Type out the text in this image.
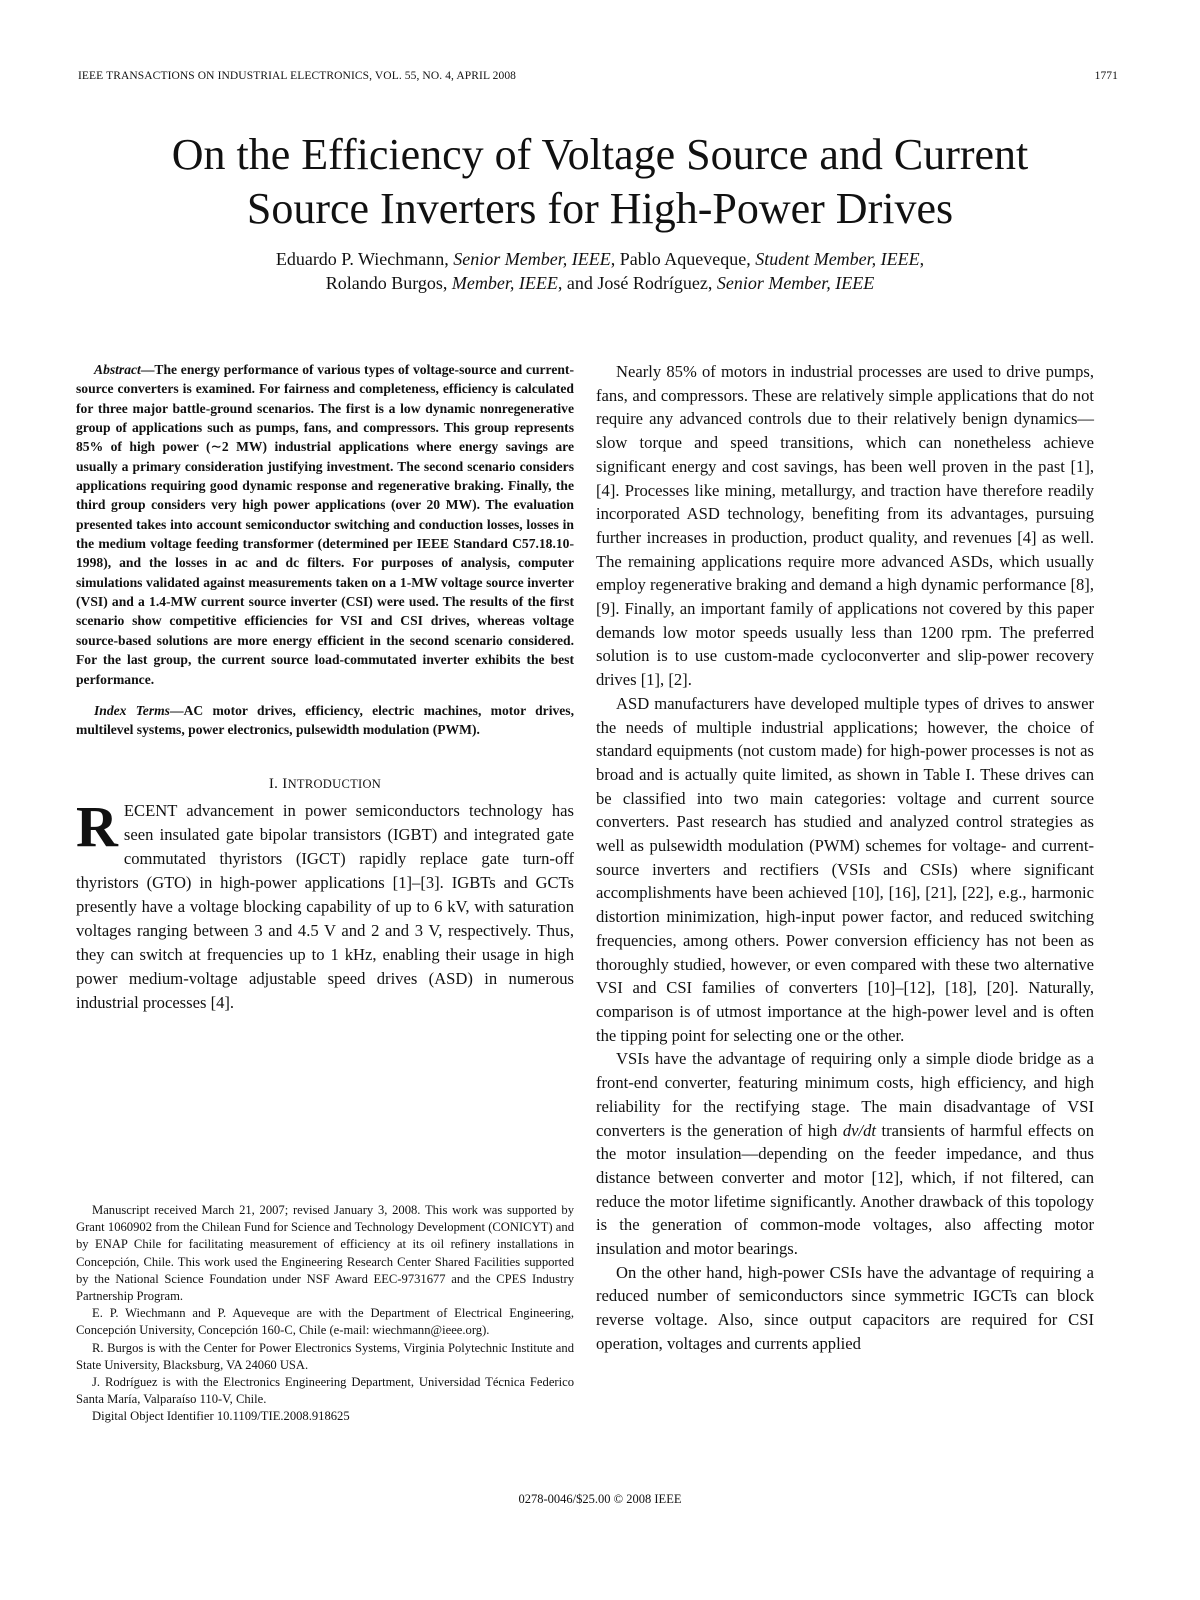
IEEE TRANSACTIONS ON INDUSTRIAL ELECTRONICS, VOL. 55, NO. 4, APRIL 2008	1771
On the Efficiency of Voltage Source and Current
Source Inverters for High-Power Drives
Eduardo P. Wiechmann, Senior Member, IEEE, Pablo Aqueveque, Student Member, IEEE,
Rolando Burgos, Member, IEEE, and José Rodríguez, Senior Member, IEEE

Abstract—The energy performance of various types of voltage-source and current-source converters is examined. For fairness and completeness, efficiency is calculated for three major battle-ground scenarios. The first is a low dynamic nonregenerative group of applications such as pumps, fans, and compressors. This group represents 85% of high power (∼2 MW) industrial applications where energy savings are usually a primary consideration justifying investment. The second scenario considers applications requiring good dynamic response and regenerative braking. Finally, the third group considers very high power applications (over 20 MW). The evaluation presented takes into account semiconductor switching and conduction losses, losses in the medium voltage feeding transformer (determined per IEEE Standard C57.18.10-1998), and the losses in ac and dc filters. For purposes of analysis, computer simulations validated against measurements taken on a 1-MW voltage source inverter (VSI) and a 1.4-MW current source inverter (CSI) were used. The results of the first scenario show competitive efficiencies for VSI and CSI drives, whereas voltage source-based solutions are more energy efficient in the second scenario considered. For the last group, the current source load-commutated inverter exhibits the best performance.

Index Terms—AC motor drives, efficiency, electric machines, motor drives, multilevel systems, power electronics, pulsewidth modulation (PWM).

I. INTRODUCTION

RECENT advancement in power semiconductors technology has seen insulated gate bipolar transistors (IGBT) and integrated gate commutated thyristors (IGCT) rapidly replace gate turn-off thyristors (GTO) in high-power applications [1]–[3]. IGBTs and GCTs presently have a voltage blocking capability of up to 6 kV, with saturation voltages ranging between 3 and 4.5 V and 2 and 3 V, respectively. Thus, they can switch at frequencies up to 1 kHz, enabling their usage in high power medium-voltage adjustable speed drives (ASD) in numerous industrial processes [4].

Manuscript received March 21, 2007; revised January 3, 2008. This work was supported by Grant 1060902 from the Chilean Fund for Science and Technology Development (CONICYT) and by ENAP Chile for facilitating measurement of efficiency at its oil refinery installations in Concepción, Chile. This work used the Engineering Research Center Shared Facilities supported by the National Science Foundation under NSF Award EEC-9731677 and the CPES Industry Partnership Program.

E. P. Wiechmann and P. Aqueveque are with the Department of Electrical Engineering, Concepción University, Concepción 160-C, Chile (e-mail: wiechmann@ieee.org).

R. Burgos is with the Center for Power Electronics Systems, Virginia Polytechnic Institute and State University, Blacksburg, VA 24060 USA.

J. Rodríguez is with the Electronics Engineering Department, Universidad Técnica Federico Santa María, Valparaíso 110-V, Chile.

Digital Object Identifier 10.1109/TIE.2008.918625

Nearly 85% of motors in industrial processes are used to drive pumps, fans, and compressors. These are relatively simple applications that do not require any advanced controls due to their relatively benign dynamics—slow torque and speed transitions, which can nonetheless achieve significant energy and cost savings, has been well proven in the past [1], [4]. Processes like mining, metallurgy, and traction have therefore readily incorporated ASD technology, benefiting from its advantages, pursuing further increases in production, product quality, and revenues [4] as well. The remaining applications require more advanced ASDs, which usually employ regenerative braking and demand a high dynamic performance [8], [9]. Finally, an important family of applications not covered by this paper demands low motor speeds usually less than 1200 rpm. The preferred solution is to use custom-made cycloconverter and slip-power recovery drives [1], [2].

ASD manufacturers have developed multiple types of drives to answer the needs of multiple industrial applications; however, the choice of standard equipments (not custom made) for high-power processes is not as broad and is actually quite limited, as shown in Table I. These drives can be classified into two main categories: voltage and current source converters. Past research has studied and analyzed control strategies as well as pulsewidth modulation (PWM) schemes for voltage- and current-source inverters and rectifiers (VSIs and CSIs) where significant accomplishments have been achieved [10], [16], [21], [22], e.g., harmonic distortion minimization, high-input power factor, and reduced switching frequencies, among others. Power conversion efficiency has not been as thoroughly studied, however, or even compared with these two alternative VSI and CSI families of converters [10]–[12], [18], [20]. Naturally, comparison is of utmost importance at the high-power level and is often the tipping point for selecting one or the other.

VSIs have the advantage of requiring only a simple diode bridge as a front-end converter, featuring minimum costs, high efficiency, and high reliability for the rectifying stage. The main disadvantage of VSI converters is the generation of high dv/dt transients of harmful effects on the motor insulation—depending on the feeder impedance, and thus distance between converter and motor [12], which, if not filtered, can reduce the motor lifetime significantly. Another drawback of this topology is the generation of common-mode voltages, also affecting motor insulation and motor bearings.

On the other hand, high-power CSIs have the advantage of requiring a reduced number of semiconductors since symmetric IGCTs can block reverse voltage. Also, since output capacitors are required for CSI operation, voltages and currents applied

0278-0046/$25.00 © 2008 IEEE
